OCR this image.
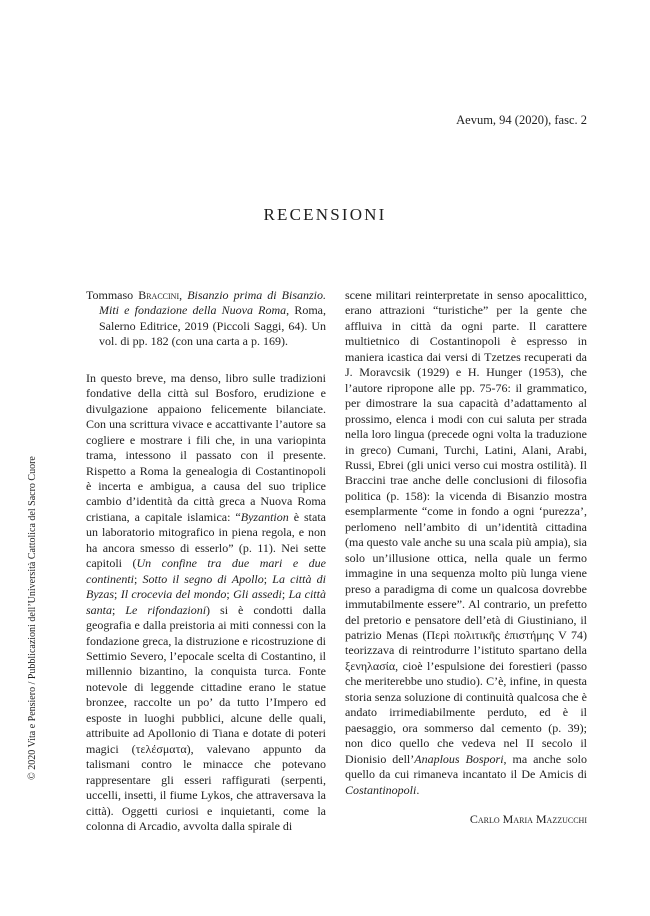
Aevum, 94 (2020), fasc. 2
RECENSIONI
© 2020 Vita e Pensiero / Pubblicazioni dell’Università Cattolica del Sacro Cuore

Tommaso Braccini, Bisanzio prima di Bisanzio. Miti e fondazione della Nuova Roma, Roma, Salerno Editrice, 2019 (Piccoli Saggi, 64). Un vol. di pp. 182 (con una carta a p. 169).

In questo breve, ma denso, libro sulle tradizioni fondative della città sul Bosforo, erudizione e divulgazione appaiono felicemente bilanciate. Con una scrittura vivace e accattivante l’autore sa cogliere e mostrare i fili che, in una variopinta trama, intessono il passato con il presente. Rispetto a Roma la genealogia di Costantinopoli è incerta e ambigua, a causa del suo triplice cambio d’identità da città greca a Nuova Roma cristiana, a capitale islamica: “Byzantion è stata un laboratorio mitografico in piena regola, e non ha ancora smesso di esserlo” (p. 11). Nei sette capitoli (Un confine tra due mari e due continenti; Sotto il segno di Apollo; La città di Byzas; Il crocevia del mondo; Gli assedi; La città santa; Le rifondazioni) si è condotti dalla geografia e dalla preistoria ai miti connessi con la fondazione greca, la distruzione e ricostruzione di Settimio Severo, l’epocale scelta di Costantino, il millennio bizantino, la conquista turca. Fonte notevole di leggende cittadine erano le statue bronzee, raccolte un po’ da tutto l’Impero ed esposte in luoghi pubblici, alcune delle quali, attribuite ad Apollonio di Tiana e dotate di poteri magici (τελέσματα), valevano appunto da talismani contro le minacce che potevano rappresentare gli esseri raffigurati (serpenti, uccelli, insetti, il fiume Lykos, che attraversava la città). Oggetti curiosi e inquietanti, come la colonna di Arcadio, avvolta dalla spirale di

scene militari reinterpretate in senso apocalittico, erano attrazioni “turistiche” per la gente che affluiva in città da ogni parte. Il carattere multietnico di Costantinopoli è espresso in maniera icastica dai versi di Tzetzes recuperati da J. Moravcsik (1929) e H. Hunger (1953), che l’autore ripropone alle pp. 75-76: il grammatico, per dimostrare la sua capacità d’adattamento al prossimo, elenca i modi con cui saluta per strada nella loro lingua (precede ogni volta la traduzione in greco) Cumani, Turchi, Latini, Alani, Arabi, Russi, Ebrei (gli unici verso cui mostra ostilità). Il Braccini trae anche delle conclusioni di filosofia politica (p. 158): la vicenda di Bisanzio mostra esemplarmente “come in fondo a ogni ‘purezza’, perlomeno nell’ambito di un’identità cittadina (ma questo vale anche su una scala più ampia), sia solo un’illusione ottica, nella quale un fermo immagine in una sequenza molto più lunga viene preso a paradigma di come un qualcosa dovrebbe immutabilmente essere”. Al contrario, un prefetto del pretorio e pensatore dell’età di Giustiniano, il patrizio Menas (Περὶ πολιτικῆς ἐπιστήμης V 74) teorizzava di reintrodurre l’istituto spartano della ξενηλασία, cioè l’espulsione dei forestieri (passo che meriterebbe uno studio). C’è, infine, in questa storia senza soluzione di continuità qualcosa che è andato irrimediabilmente perduto, ed è il paesaggio, ora sommerso dal cemento (p. 39); non dico quello che vedeva nel II secolo il Dionisio dell’Anaplous Bospori, ma anche solo quello da cui rimaneva incantato il De Amicis di Costantinopoli.

Carlo Maria Mazzucchi
